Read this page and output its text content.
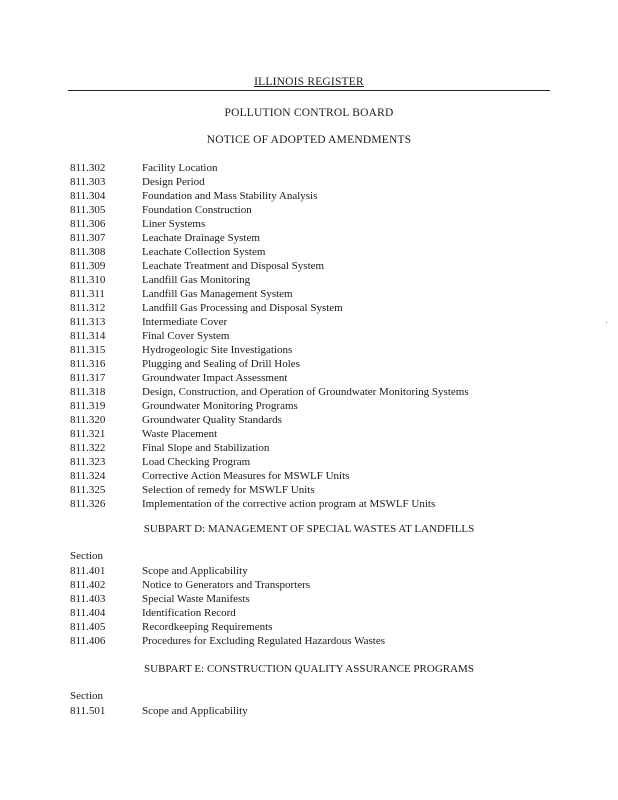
ILLINOIS REGISTER
POLLUTION CONTROL BOARD
NOTICE OF ADOPTED AMENDMENTS
811.302	Facility Location
811.303	Design Period
811.304	Foundation and Mass Stability Analysis
811.305	Foundation Construction
811.306	Liner Systems
811.307	Leachate Drainage System
811.308	Leachate Collection System
811.309	Leachate Treatment and Disposal System
811.310	Landfill Gas Monitoring
811.311	Landfill Gas Management System
811.312	Landfill Gas Processing and Disposal System
811.313	Intermediate Cover
811.314	Final Cover System
811.315	Hydrogeologic Site Investigations
811.316	Plugging and Sealing of Drill Holes
811.317	Groundwater Impact Assessment
811.318	Design, Construction, and Operation of Groundwater Monitoring Systems
811.319	Groundwater Monitoring Programs
811.320	Groundwater Quality Standards
811.321	Waste Placement
811.322	Final Slope and Stabilization
811.323	Load Checking Program
811.324	Corrective Action Measures for MSWLF Units
811.325	Selection of remedy for MSWLF Units
811.326	Implementation of the corrective action program at MSWLF Units
SUBPART D: MANAGEMENT OF SPECIAL WASTES AT LANDFILLS
Section
811.401	Scope and Applicability
811.402	Notice to Generators and Transporters
811.403	Special Waste Manifests
811.404	Identification Record
811.405	Recordkeeping Requirements
811.406	Procedures for Excluding Regulated Hazardous Wastes
SUBPART E: CONSTRUCTION QUALITY ASSURANCE PROGRAMS
Section
811.501	Scope and Applicability
